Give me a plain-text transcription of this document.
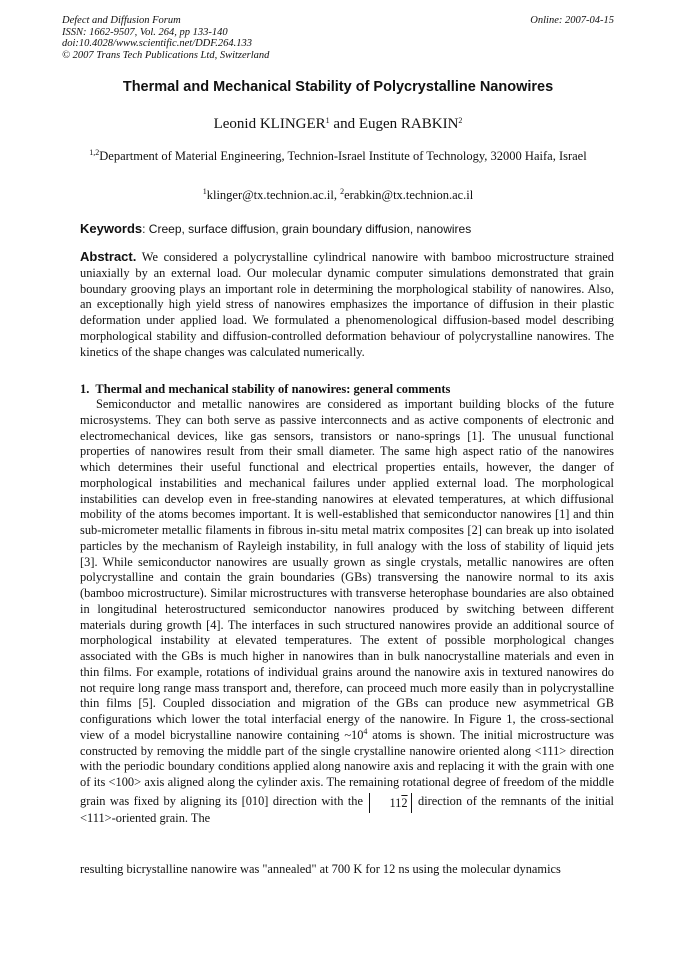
Defect and Diffusion Forum
ISSN: 1662-9507, Vol. 264, pp 133-140
doi:10.4028/www.scientific.net/DDF.264.133
© 2007 Trans Tech Publications Ltd, Switzerland
Online: 2007-04-15
Thermal and Mechanical Stability of Polycrystalline Nanowires
Leonid KLINGER$^1$ and Eugen RABKIN$^2$
$^{1,2}$Department of Material Engineering, Technion-Israel Institute of Technology, 32000 Haifa, Israel
$^1$klinger@tx.technion.ac.il, $^2$erabkin@tx.technion.ac.il
Keywords: Creep, surface diffusion, grain boundary diffusion, nanowires
Abstract. We considered a polycrystalline cylindrical nanowire with bamboo microstructure strained uniaxially by an external load. Our molecular dynamic computer simulations demonstrated that grain boundary grooving plays an important role in determining the morphological stability of nanowires. Also, an exceptionally high yield stress of nanowires emphasizes the importance of diffusion in their plastic deformation under applied load. We formulated a phenomenological diffusion-based model describing morphological stability and diffusion-controlled deformation behaviour of polycrystalline nanowires. The kinetics of the shape changes was calculated numerically.
1.  Thermal and mechanical stability of nanowires: general comments
Semiconductor and metallic nanowires are considered as important building blocks of the future microsystems. They can both serve as passive interconnects and as active components of electronic and electromechanical devices, like gas sensors, transistors or nano-springs [1]. The unusual functional properties of nanowires result from their small diameter. The same high aspect ratio of the nanowires which determines their useful functional and electrical properties entails, however, the danger of morphological instabilities and mechanical failures under applied external load. The morphological instabilities can develop even in free-standing nanowires at elevated temperatures, at which diffusional mobility of the atoms becomes important. It is well-established that semiconductor nanowires [1] and thin sub-micrometer metallic filaments in fibrous in-situ metal matrix composites [2] can break up into isolated particles by the mechanism of Rayleigh instability, in full analogy with the loss of stability of liquid jets [3]. While semiconductor nanowires are usually grown as single crystals, metallic nanowires are often polycrystalline and contain the grain boundaries (GBs) transversing the nanowire normal to its axis (bamboo microstructure). Similar microstructures with transverse heterophase boundaries are also obtained in longitudinal heterostructured semiconductor nanowires produced by switching between different materials during growth [4]. The interfaces in such structured nanowires provide an additional source of morphological instability at elevated temperatures. The extent of possible morphological changes associated with the GBs is much higher in nanowires than in bulk nanocrystalline materials and even in thin films. For example, rotations of individual grains around the nanowire axis in textured nanowires do not require long range mass transport and, therefore, can proceed much more easily than in polycrystalline thin films [5]. Coupled dissociation and migration of the GBs can produce new asymmetrical GB configurations which lower the total interfacial energy of the nanowire. In Figure 1, the cross-sectional view of a model bicrystalline nanowire containing $\sim 10^4$ atoms is shown. The initial microstructure was constructed by removing the middle part of the single crystalline nanowire oriented along <111> direction with the periodic boundary conditions applied along nanowire axis and replacing it with the grain with one of its <100> axis aligned along the cylinder axis. The remaining rotational degree of freedom of the middle grain was fixed by aligning its [010] direction with the 112 direction of the remnants of the initial <111>-oriented grain. The
resulting bicrystalline nanowire was "annealed" at 700 K for 12 ns using the molecular dynamics
